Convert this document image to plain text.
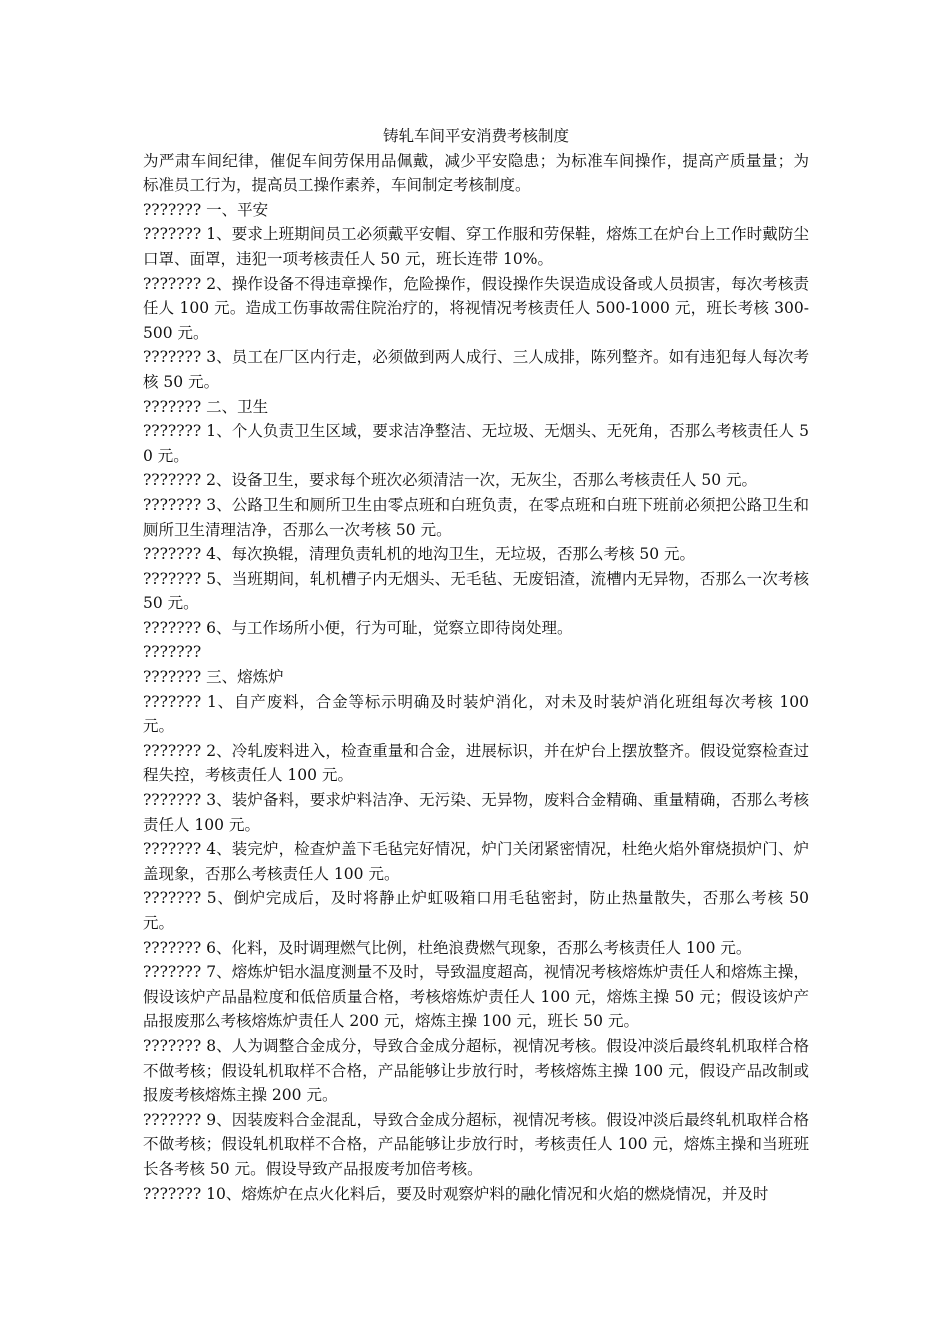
铸轧车间平安消费考核制度

为严肃车间纪律，催促车间劳保用品佩戴，减少平安隐患；为标准车间操作，提高产质量量；为标准员工行为，提高员工操作素养，车间制定考核制度。

??????? 一、平安

??????? 1、要求上班期间员工必须戴平安帽、穿工作服和劳保鞋，熔炼工在炉台上工作时戴防尘口罩、面罩，违犯一项考核责任人 50 元，班长连带 10%。

??????? 2、操作设备不得违章操作，危险操作，假设操作失误造成设备或人员损害，每次考核责任人 100 元。造成工伤事故需住院治疗的，将视情况考核责任人 500-1000 元，班长考核 300-500 元。

??????? 3、员工在厂区内行走，必须做到两人成行、三人成排，陈列整齐。如有违犯每人每次考核 50 元。

??????? 二、卫生

??????? 1、个人负责卫生区域，要求洁净整洁、无垃圾、无烟头、无死角，否那么考核责任人 50 元。

??????? 2、设备卫生，要求每个班次必须清洁一次，无灰尘，否那么考核责任人 50 元。

??????? 3、公路卫生和厕所卫生由零点班和白班负责，在零点班和白班下班前必须把公路卫生和厕所卫生清理洁净，否那么一次考核 50 元。

??????? 4、每次换辊，清理负责轧机的地沟卫生，无垃圾，否那么考核 50 元。

??????? 5、当班期间，轧机槽子内无烟头、无毛毡、无废铝渣，流槽内无异物，否那么一次考核 50 元。

??????? 6、与工作场所小便，行为可耻，觉察立即待岗处理。

???????

??????? 三、熔炼炉

??????? 1、自产废料，合金等标示明确及时装炉消化，对未及时装炉消化班组每次考核 100 元。

??????? 2、冷轧废料进入，检查重量和合金，进展标识，并在炉台上摆放整齐。假设觉察检查过程失控，考核责任人 100 元。

??????? 3、装炉备料，要求炉料洁净、无污染、无异物，废料合金精确、重量精确，否那么考核责任人 100 元。

??????? 4、装完炉，检查炉盖下毛毡完好情况，炉门关闭紧密情况，杜绝火焰外窜烧损炉门、炉盖现象，否那么考核责任人 100 元。

??????? 5、倒炉完成后，及时将静止炉虹吸箱口用毛毡密封，防止热量散失，否那么考核 50 元。

??????? 6、化料，及时调理燃气比例，杜绝浪费燃气现象，否那么考核责任人 100 元。

??????? 7、熔炼炉铝水温度测量不及时，导致温度超高，视情况考核熔炼炉责任人和熔炼主操，假设该炉产品晶粒度和低倍质量合格，考核熔炼炉责任人 100 元，熔炼主操 50 元；假设该炉产品报废那么考核熔炼炉责任人 200 元，熔炼主操 100 元，班长 50 元。

??????? 8、人为调整合金成分，导致合金成分超标，视情况考核。假设冲淡后最终轧机取样合格不做考核；假设轧机取样不合格，产品能够让步放行时，考核熔炼主操 100 元，假设产品改制或报废考核熔炼主操 200 元。

??????? 9、因装废料合金混乱，导致合金成分超标，视情况考核。假设冲淡后最终轧机取样合格不做考核；假设轧机取样不合格，产品能够让步放行时，考核责任人 100 元，熔炼主操和当班班长各考核 50 元。假设导致产品报废考加倍考核。

??????? 10、熔炼炉在点火化料后，要及时观察炉料的融化情况和火焰的燃烧情况，并及时
